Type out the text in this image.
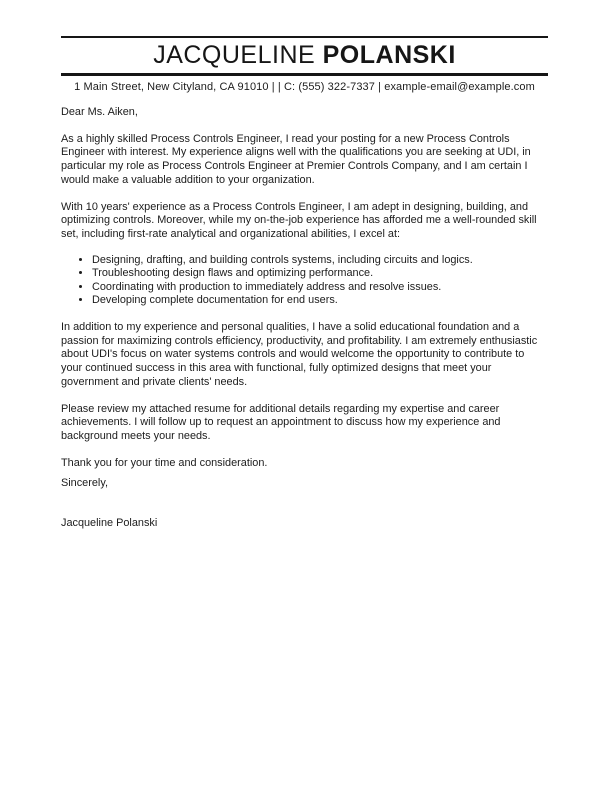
JACQUELINE POLANSKI
1 Main Street, New Cityland, CA 91010 | | C: (555) 322-7337 | example-email@example.com

Dear Ms. Aiken,

As a highly skilled Process Controls Engineer, I read your posting for a new Process Controls Engineer with interest. My experience aligns well with the qualifications you are seeking at UDI, in particular my role as Process Controls Engineer at Premier Controls Company, and I am certain I would make a valuable addition to your organization.

With 10 years' experience as a Process Controls Engineer, I am adept in designing, building, and optimizing controls. Moreover, while my on-the-job experience has afforded me a well-rounded skill set, including first-rate analytical and organizational abilities, I excel at:

• Designing, drafting, and building controls systems, including circuits and logics.
• Troubleshooting design flaws and optimizing performance.
• Coordinating with production to immediately address and resolve issues.
• Developing complete documentation for end users.

In addition to my experience and personal qualities, I have a solid educational foundation and a passion for maximizing controls efficiency, productivity, and profitability. I am extremely enthusiastic about UDI's focus on water systems controls and would welcome the opportunity to contribute to your continued success in this area with functional, fully optimized designs that meet your government and private clients' needs.

Please review my attached resume for additional details regarding my expertise and career achievements. I will follow up to request an appointment to discuss how my experience and background meets your needs.

Thank you for your time and consideration.

Sincerely,

Jacqueline Polanski
